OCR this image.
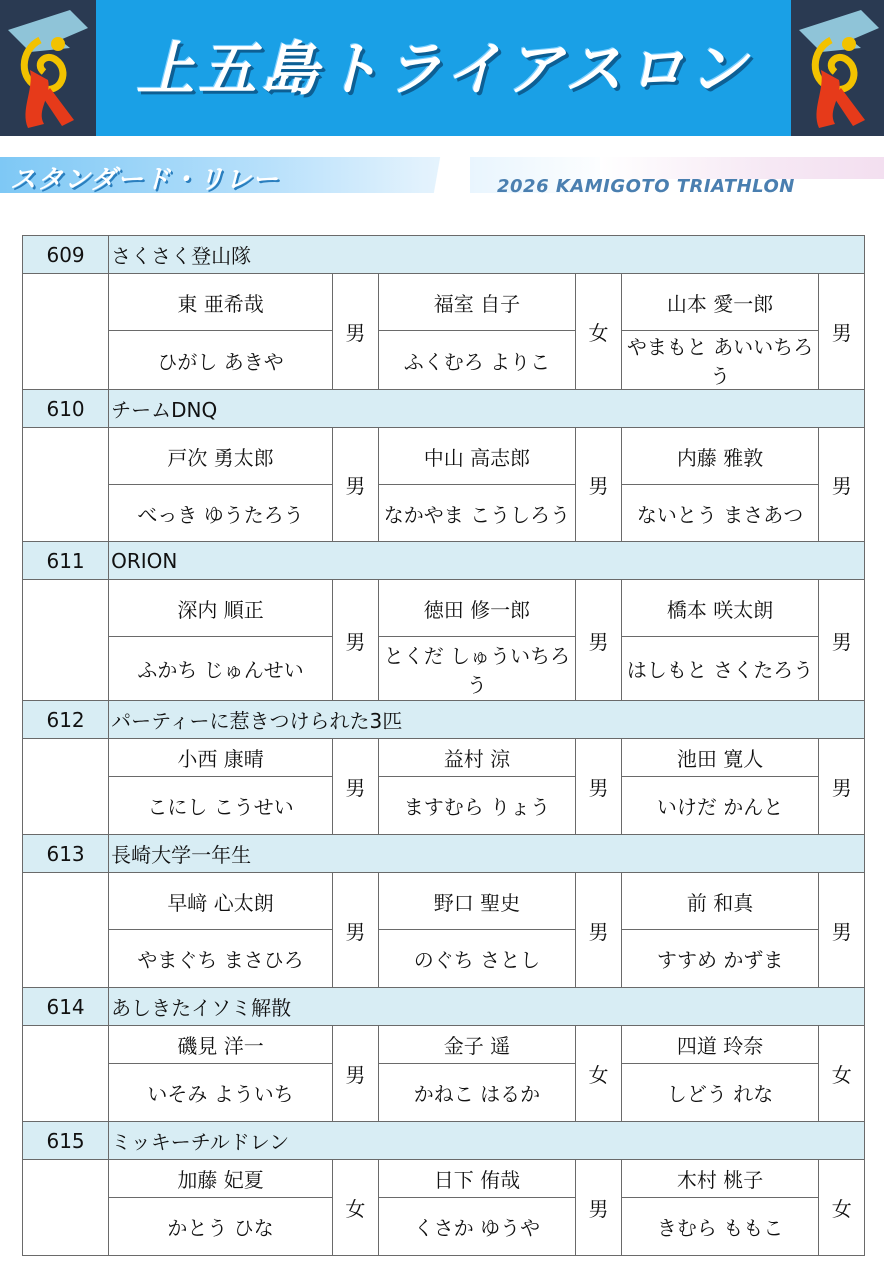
上五島トライアスロン
スタンダード・リレー	2026 KAMIGOTO TRIATHLON
609	さくさく登山隊					
	東 亜希哉	男	福室 自子	女	山本 愛一郎	男
	ひがし あきや		ふくむろ よりこ		やまもと あいいちろう	
610	チームDNQ					
	戸次 勇太郎	男	中山 高志郎	男	内藤 雅敦	男
	べっき ゆうたろう		なかやま こうしろう		ないとう まさあつ	
611	ORION					
	深内 順正	男	徳田 修一郎	男	橋本 咲太朗	男
	ふかち じゅんせい		とくだ しゅういちろう		はしもと さくたろう	
612	パーティーに惹きつけられた3匹					
	小西 康晴	男	益村 涼	男	池田 寛人	男
	こにし こうせい		ますむら りょう		いけだ かんと	
613	長崎大学一年生					
	早﨑 心太朗	男	野口 聖史	男	前 和真	男
	やまぐち まさひろ		のぐち さとし		すすめ かずま	
614	あしきたイソミ解散					
	磯見 洋一	男	金子 遥	女	四道 玲奈	女
	いそみ よういち		かねこ はるか		しどう れな	
615	ミッキーチルドレン					
	加藤 妃夏	女	日下 侑哉	男	木村 桃子	女
	かとう ひな		くさか ゆうや		きむら ももこ	
